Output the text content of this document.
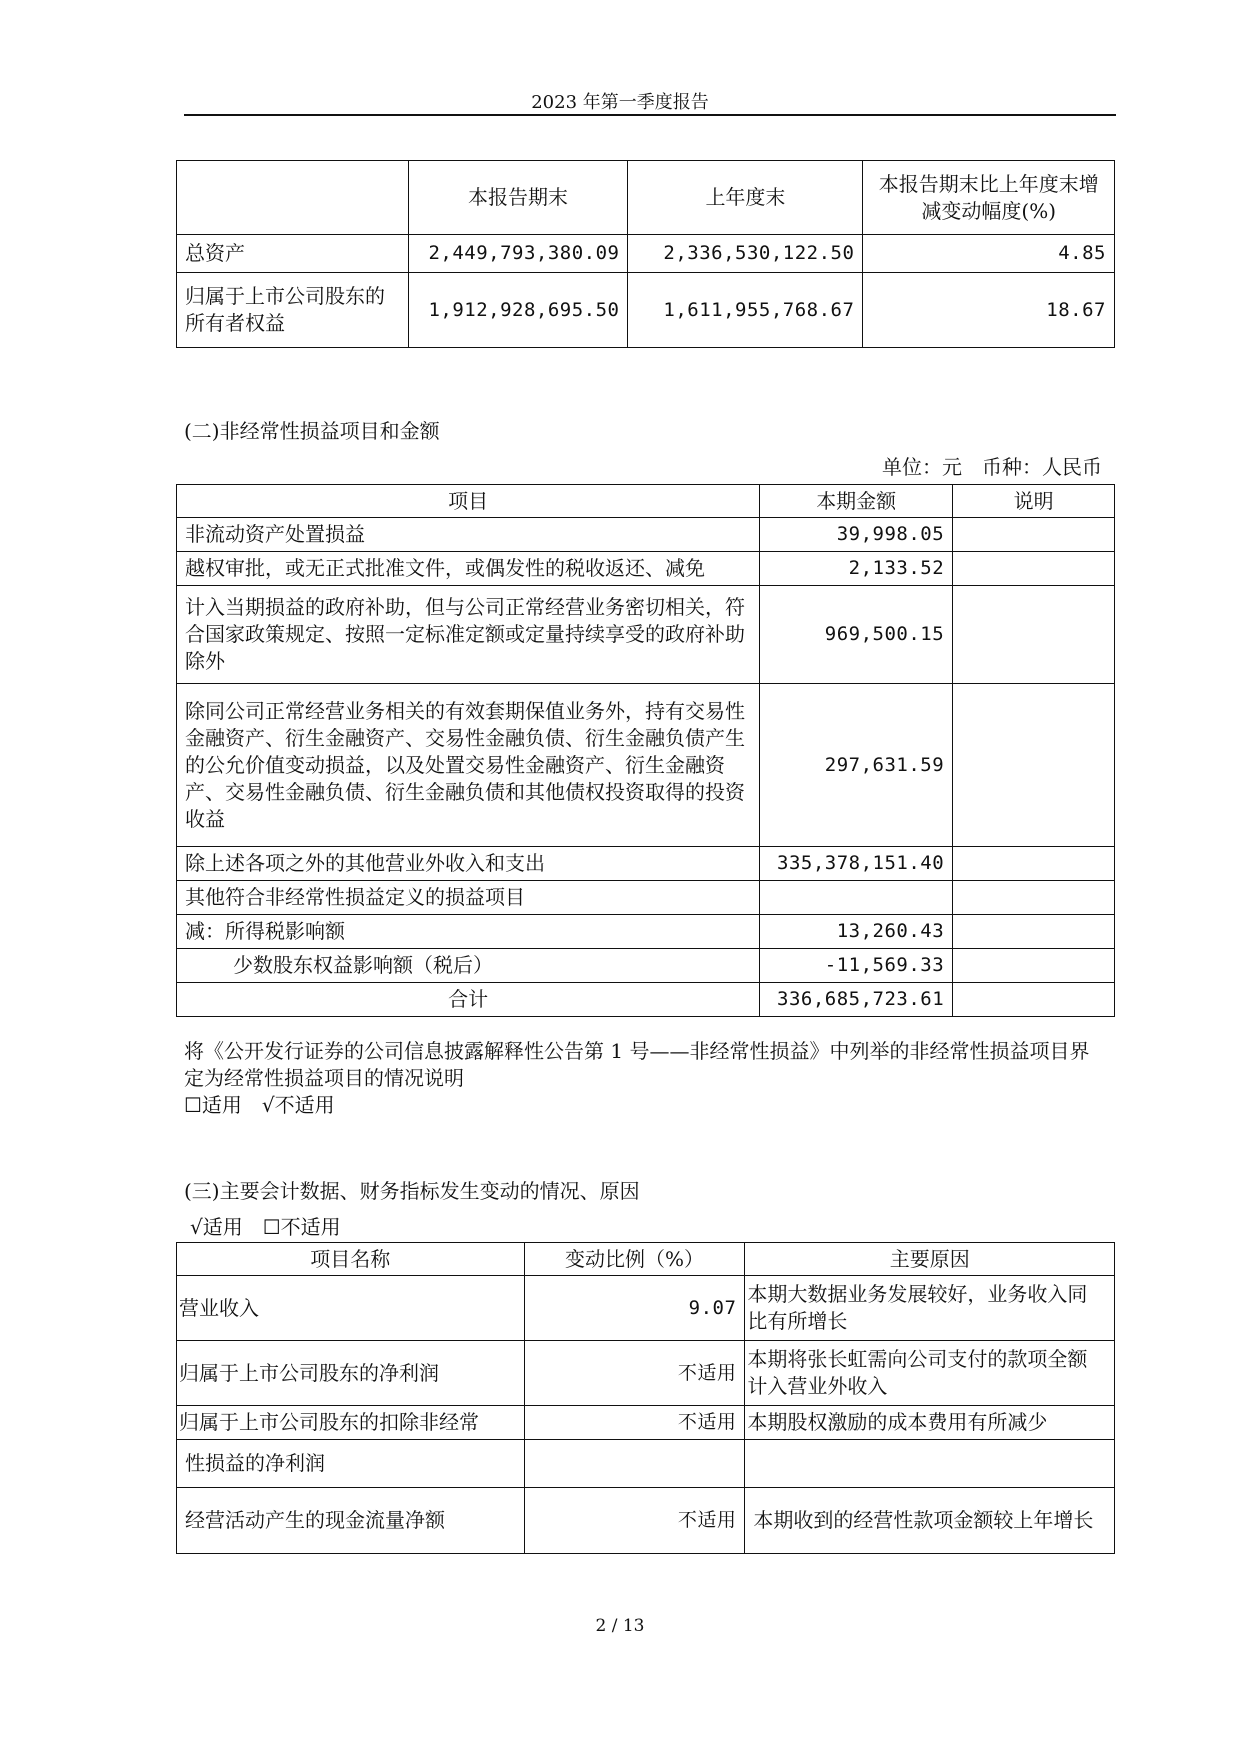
2023 年第一季度报告
	本报告期末	上年度末	本报告期末比上年度末增减变动幅度(%)
总资产	2,449,793,380.09	2,336,530,122.50	4.85
归属于上市公司股东的所有者权益	1,912,928,695.50	1,611,955,768.67	18.67
(二)非经常性损益项目和金额
单位：元　币种：人民币
项目	本期金额	说明
非流动资产处置损益	39,998.05	
越权审批，或无正式批准文件，或偶发性的税收返还、减免	2,133.52	
计入当期损益的政府补助，但与公司正常经营业务密切相关，符合国家政策规定、按照一定标准定额或定量持续享受的政府补助除外	969,500.15	
除同公司正常经营业务相关的有效套期保值业务外，持有交易性金融资产、衍生金融资产、交易性金融负债、衍生金融负债产生的公允价值变动损益，以及处置交易性金融资产、衍生金融资产、交易性金融负债、衍生金融负债和其他债权投资取得的投资收益	297,631.59	
除上述各项之外的其他营业外收入和支出	335,378,151.40	
其他符合非经常性损益定义的损益项目		
减：所得税影响额	13,260.43	
少数股东权益影响额（税后）	-11,569.33	
合计	336,685,723.61	
将《公开发行证券的公司信息披露解释性公告第 1 号——非经常性损益》中列举的非经常性损益项目界定为经常性损益项目的情况说明
☐适用　√不适用
(三)主要会计数据、财务指标发生变动的情况、原因
√适用　☐不适用
项目名称	变动比例（%）	主要原因
营业收入	9.07	本期大数据业务发展较好，业务收入同比有所增长
归属于上市公司股东的净利润	不适用	本期将张长虹需向公司支付的款项全额计入营业外收入
归属于上市公司股东的扣除非经常	不适用	本期股权激励的成本费用有所减少
性损益的净利润		
经营活动产生的现金流量净额	不适用	本期收到的经营性款项金额较上年增长
2 / 13
